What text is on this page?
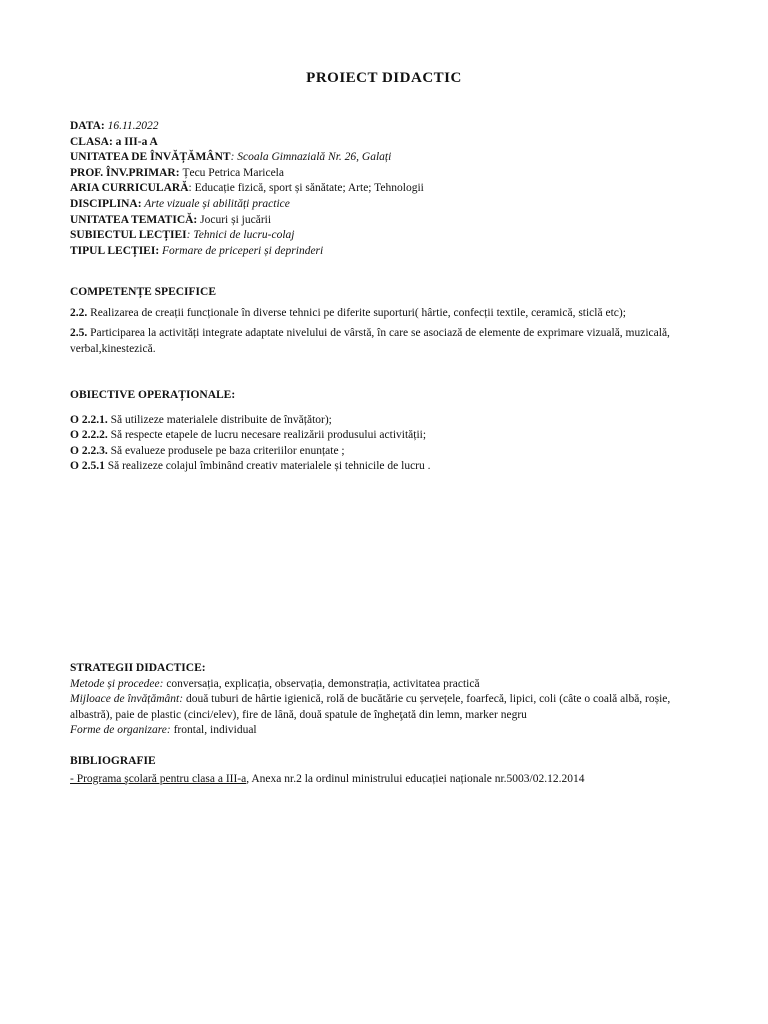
PROIECT DIDACTIC
DATA: 16.11.2022
CLASA: a III-a A
UNITATEA DE ÎNVĂȚĂMÂNT: Scoala Gimnazială Nr. 26, Galați
PROF. ÎNV.PRIMAR: Țecu Petrica Maricela
ARIA CURRICULARĂ: Educație fizică, sport și sănătate; Arte; Tehnologii
DISCIPLINA: Arte vizuale și abilități practice
UNITATEA TEMATICĂ: Jocuri și jucării
SUBIECTUL LECȚIEI: Tehnici de lucru-colaj
TIPUL LECȚIEI: Formare de priceperi și deprinderi
COMPETENȚE SPECIFICE
2.2. Realizarea de creații funcționale în diverse tehnici pe diferite suporturi( hârtie, confecții textile, ceramică, sticlă etc);
2.5. Participarea la activități integrate adaptate nivelului de vârstă, în care se asociază de elemente de exprimare vizuală, muzicală, verbal,kinestezică.
OBIECTIVE OPERAȚIONALE:
O 2.2.1. Să utilizeze materialele distribuite de învățător);
O 2.2.2. Să respecte etapele de lucru necesare realizării produsului activității;
O 2.2.3. Să evalueze produsele pe baza criteriilor enunțate ;
O 2.5.1 Să realizeze colajul îmbinând creativ materialele și tehnicile de lucru .
STRATEGII DIDACTICE:
Metode și procedee: conversația, explicația, observația, demonstrația, activitatea practică
Mijloace de învățământ: două tuburi de hârtie igienică, rolă de bucătărie cu șervețele, foarfecă, lipici, coli (câte o coală albă, roșie, albastră), paie de plastic (cinci/elev), fire de lână, două spatule de îngheţată din lemn, marker negru
Forme de organizare: frontal, individual
BIBLIOGRAFIE
- Programa şcolară pentru clasa a III-a, Anexa nr.2 la ordinul ministrului educației naționale nr.5003/02.12.2014
